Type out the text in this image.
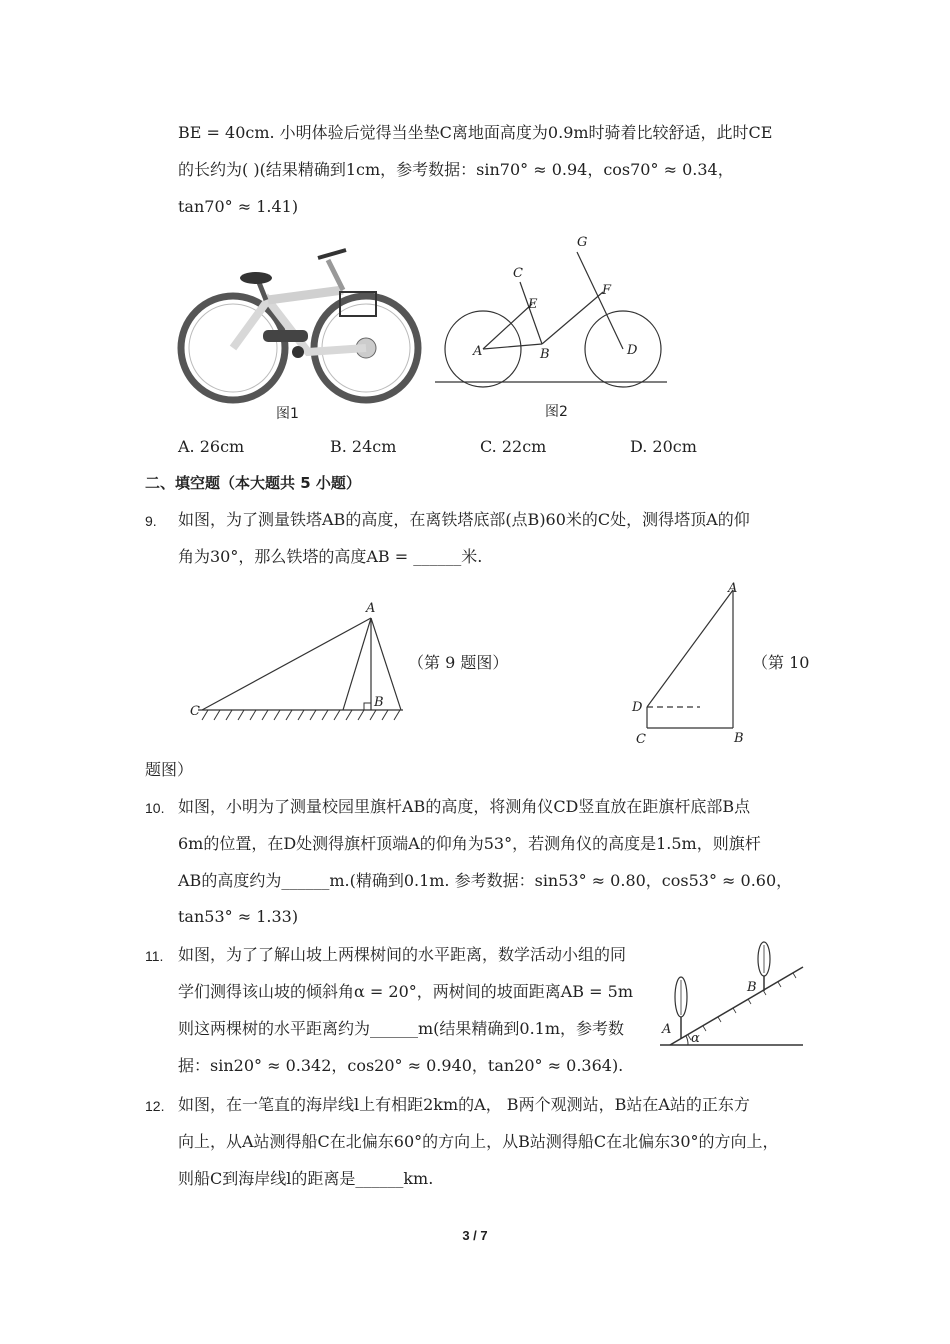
BE = 40cm. 小明体验后觉得当坐垫C离地面高度为0.9m时骑着比较舒适，此时CE
的长约为( )(结果精确到1cm，参考数据：sin70° ≈ 0.94，cos70° ≈ 0.34，
tan70° ≈ 1.41)
图1
A	B
C
D
E
F
G
图2
A. 26cm	B. 24cm	C. 22cm	D. 20cm
二、填空题（本大题共 5 小题）
9. 如图，为了测量铁塔AB的高度，在离铁塔底部(点B)60米的C处，测得塔顶A的仰
角为30°，那么铁塔的高度AB = ______米.
A
B
C
（第 9 题图）
A
B
C
D
（第 10
题图）
10. 如图，小明为了测量校园里旗杆AB的高度，将测角仪CD竖直放在距旗杆底部B点
6m的位置，在D处测得旗杆顶端A的仰角为53°，若测角仪的高度是1.5m，则旗杆
AB的高度约为______m.(精确到0.1m. 参考数据：sin53° ≈ 0.80，cos53° ≈ 0.60，
tan53° ≈ 1.33)
11. 如图，为了了解山坡上两棵树间的水平距离，数学活动小组的同
学们测得该山坡的倾斜角α = 20°，两树间的坡面距离AB = 5m
则这两棵树的水平距离约为______m(结果精确到0.1m，参考数
据：sin20° ≈ 0.342，cos20° ≈ 0.940，tan20° ≈ 0.364).
A
B
α
12. 如图，在一笔直的海岸线l上有相距2km的A， B两个观测站，B站在A站的正东方
向上，从A站测得船C在北偏东60°的方向上，从B站测得船C在北偏东30°的方向上，
则船C到海岸线l的距离是______km.
3 / 7
